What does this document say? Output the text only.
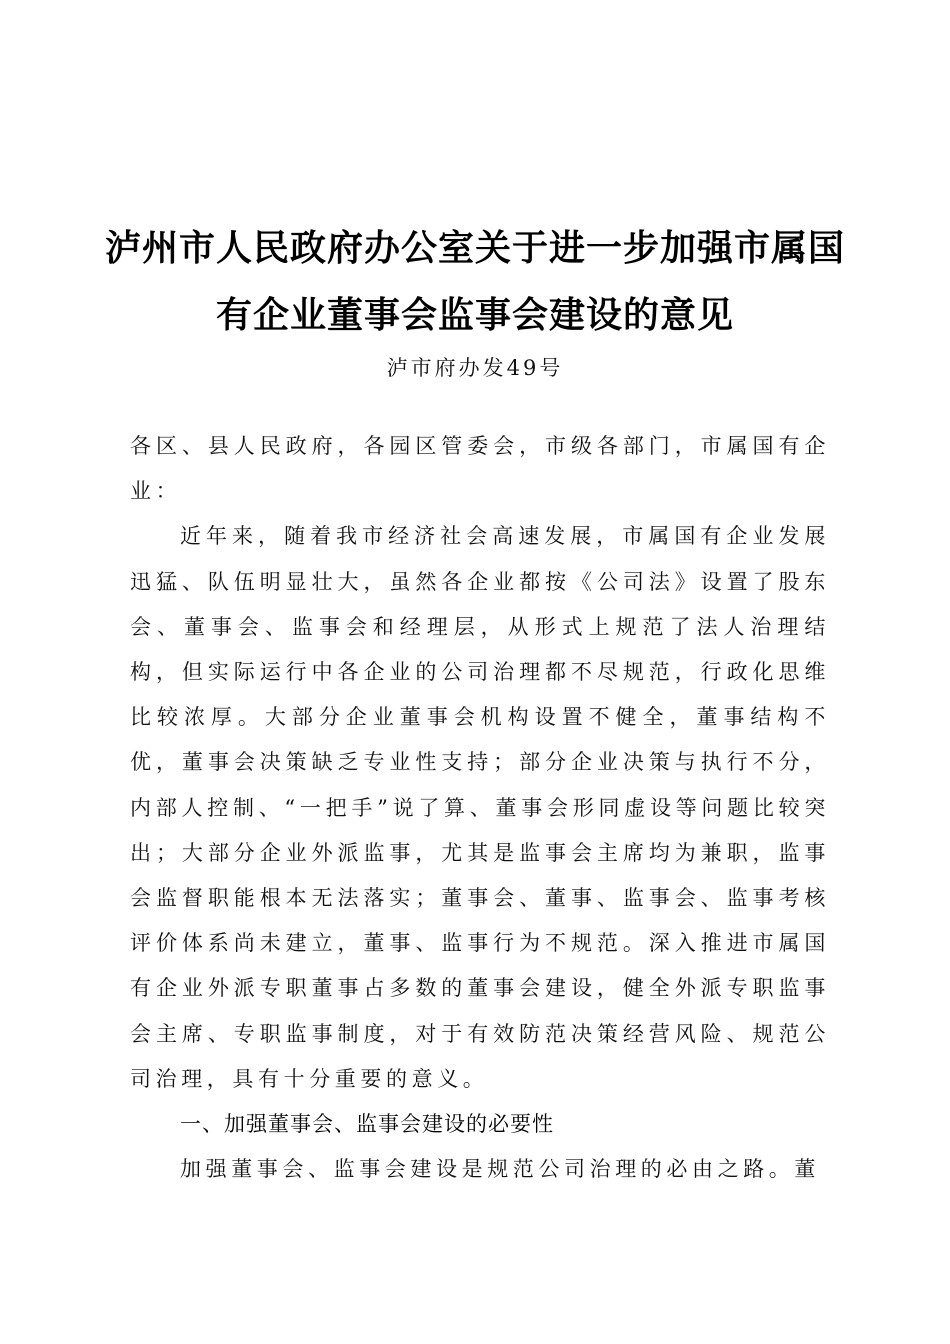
泸州市人民政府办公室关于进一步加强市属国
有企业董事会监事会建设的意见
泸市府办发49号

各区、县人民政府，各园区管委会，市级各部门，市属国有企业：

近年来，随着我市经济社会高速发展，市属国有企业发展迅猛、队伍明显壮大，虽然各企业都按《公司法》设置了股东会、董事会、监事会和经理层，从形式上规范了法人治理结构，但实际运行中各企业的公司治理都不尽规范，行政化思维比较浓厚。大部分企业董事会机构设置不健全，董事结构不优，董事会决策缺乏专业性支持；部分企业决策与执行不分，内部人控制、“一把手”说了算、董事会形同虚设等问题比较突出；大部分企业外派监事，尤其是监事会主席均为兼职，监事会监督职能根本无法落实；董事会、董事、监事会、监事考核评价体系尚未建立，董事、监事行为不规范。深入推进市属国有企业外派专职董事占多数的董事会建设，健全外派专职监事会主席、专职监事制度，对于有效防范决策经营风险、规范公司治理，具有十分重要的意义。

一、加强董事会、监事会建设的必要性

加强董事会、监事会建设是规范公司治理的必由之路。董
